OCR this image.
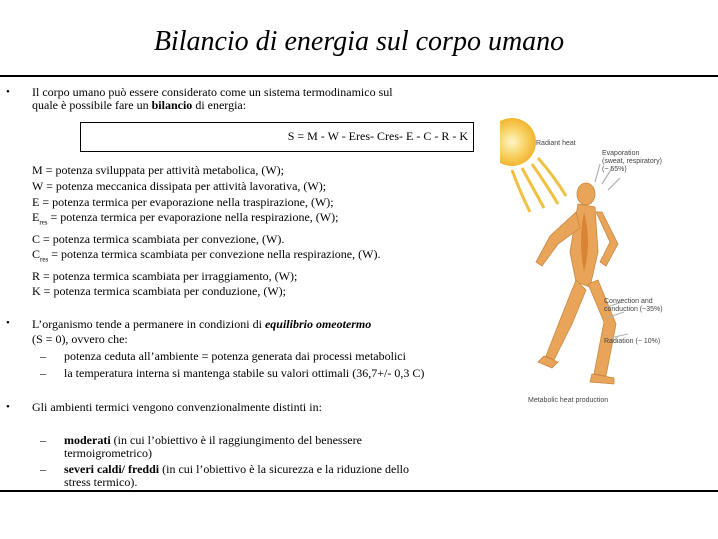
Bilancio di energia sul corpo umano
• Il corpo umano può essere considerato come un sistema termodinamico sul
quale è possibile fare un bilancio di energia:
S = M - W - Eres- Cres- E - C - R - K
M = potenza sviluppata per attività metabolica, (W);
W = potenza meccanica dissipata per attività lavorativa, (W);
E = potenza termica per evaporazione nella traspirazione, (W);
$E_{res}$ = potenza termica per evaporazione nella respirazione, (W);
C = potenza termica scambiata per convezione, (W).
$C_{res}$ = potenza termica scambiata per convezione nella respirazione, (W).
R = potenza termica scambiata per irraggiamento, (W);
K = potenza termica scambiata per conduzione, (W);
• L’organismo tende a permanere in condizioni di equilibrio omeotermo
(S = 0), ovvero che:
– potenza ceduta all’ambiente = potenza generata dai processi metabolici
– la temperatura interna si mantenga stabile su valori ottimali (36,7+/- 0,3 C)
• Gli ambienti termici vengono convenzionalmente distinti in:
– moderati (in cui l’obiettivo è il raggiungimento del benessere
termoigrometrico)
– severi caldi/ freddi (in cui l’obiettivo è la sicurezza e la riduzione dello
stress termico).
Radiant heat
Evaporation
(sweat, respiratory)
(~ 55%)
Convection and
conduction (~35%)
Radiation (~ 10%)
Metabolic heat production
